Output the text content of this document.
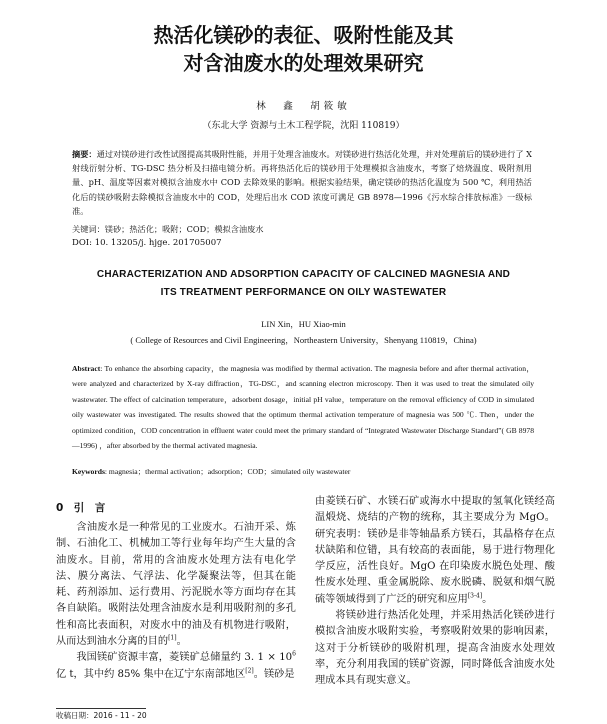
热活化镁砂的表征、吸附性能及其
对含油废水的处理效果研究
林　鑫　胡筱敏
（东北大学 资源与土木工程学院，沈阳 110819）
摘要：通过对镁砂进行改性试图提高其吸附性能，并用于处理含油废水。对镁砂进行热活化处理，并对处理前后的镁砂进行了 X 射线衍射分析、TG-DSC 热分析及扫描电镜分析。再将热活化后的镁砂用于处理模拟含油废水，考察了焙烧温度、吸附剂用量、pH、温度等因素对模拟含油废水中 COD 去除效果的影响。根据实验结果，确定镁砂的热活化温度为 500 ℃，利用热活化后的镁砂吸附去除模拟含油废水中的 COD，处理后出水 COD 浓度可满足 GB 8978—1996《污水综合排放标准》一级标准。
关键词：镁砂；热活化；吸附；COD；模拟含油废水
DOI: 10. 13205/j. hjge. 201705007
CHARACTERIZATION AND ADSORPTION CAPACITY OF CALCINED MAGNESIA AND
ITS TREATMENT PERFORMANCE ON OILY WASTEWATER
LIN Xin，HU Xiao-min
( College of Resources and Civil Engineering，Northeastern University，Shenyang 110819，China)
Abstract: To enhance the absorbing capacity，the magnesia was modified by thermal activation. The magnesia before and after thermal activation，were analyzed and characterized by X-ray diffraction，TG-DSC，and scanning electron microscopy. Then it was used to treat the simulated oily wastewater. The effect of calcination temperature，adsorbent dosage，initial pH value，temperature on the removal efficiency of COD in simulated oily wastewater was investigated. The results showed that the optimum thermal activation temperature of magnesia was 500 ℃. Then，under the optimized condition，COD concentration in effluent water could meet the primary standard of “Integrated Wastewater Discharge Standard”( GB 8978—1996) ，after absorbed by the thermal activated magnesia.
Keywords: magnesia；thermal activation；adsorption；COD；simulated oily wastewater
0　引　言

含油废水是一种常见的工业废水。石油开采、炼制、石油化工、机械加工等行业每年均产生大量的含油废水。目前，常用的含油废水处理方法有电化学法、膜分离法、气浮法、化学凝聚法等，但其在能耗、药剂添加、运行费用、污泥脱水等方面均存在其各自缺陷。吸附法处理含油废水是利用吸附剂的多孔性和高比表面积，对废水中的油及有机物进行吸附，从而达到油水分离的目的[1]。

我国镁矿资源丰富，菱镁矿总储量约 3. $1 \times 10^6$ 亿 t，其中约 85% 集中在辽宁东南部地区[2]。镁砂是

由菱镁石矿、水镁石矿或海水中提取的氢氧化镁经高温煅烧、烧结的产物的统称，其主要成分为 MgO。研究表明：镁砂是非等轴晶系方镁石，其晶格存在点状缺陷和位错，具有较高的表面能，易于进行物理化学反应，活性良好。MgO 在印染废水脱色处理、酸性废水处理、重金属脱除、废水脱磷、脱氨和烟气脱硫等领域得到了广泛的研究和应用[3-4]。

将镁砂进行热活化处理，并采用热活化镁砂进行模拟含油废水吸附实验，考察吸附效果的影响因素，这对于分析镁砂的吸附机理，提高含油废水处理效率，充分利用我国的镁矿资源，同时降低含油废水处理成本具有现实意义。

收稿日期：2016 - 11 - 20
